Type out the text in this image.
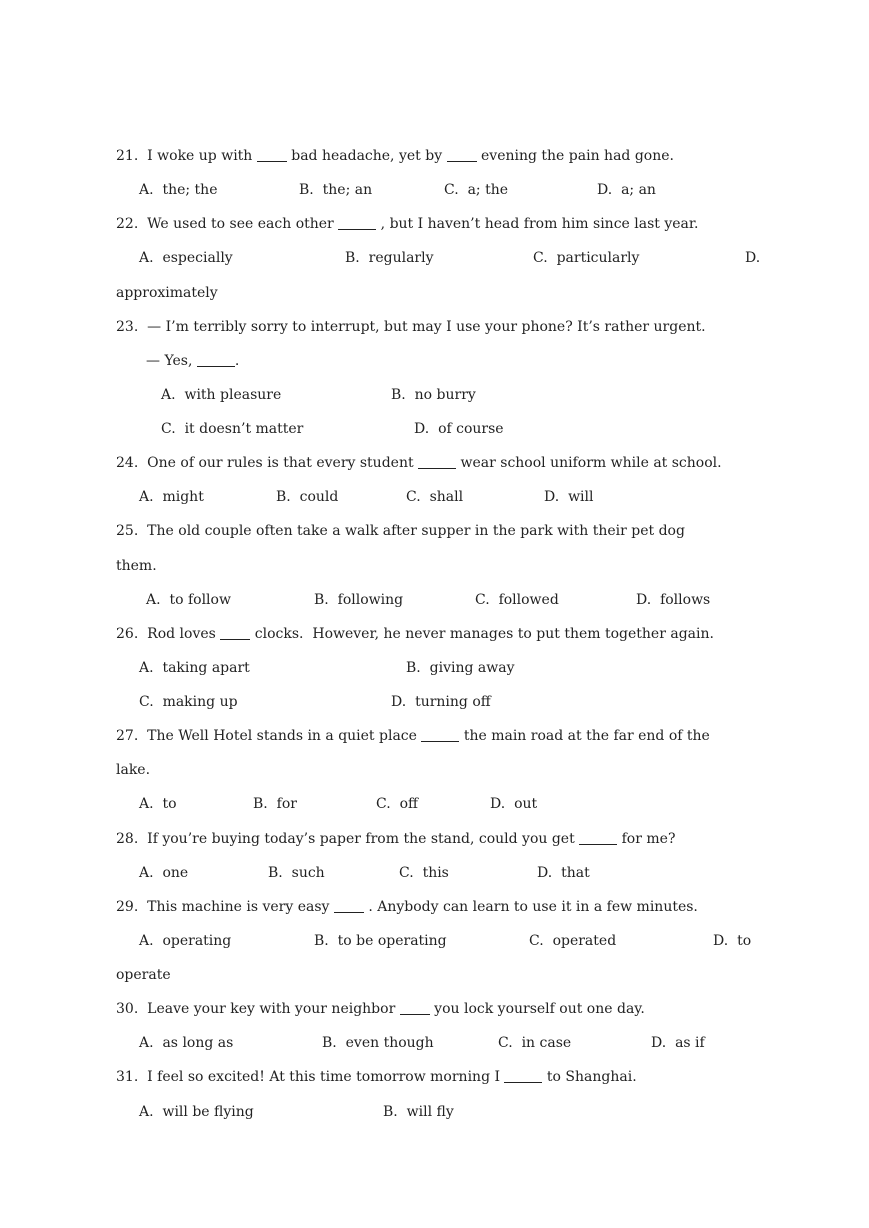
21. I woke up with	bad headache, yet by	evening the pain had gone.
A.  the; the	B.  the; an	C.  a; the	D.  a; an
22. We used to see each other	, but I haven’t head from him since last year.
A.  especially	B.  regularly	C.  particularly	D.
approximately
23. — I’m terribly sorry to interrupt, but may I use your phone? It’s rather urgent.
— Yes,	.
A.  with pleasure	B.  no burry
C.  it doesn’t matter	D.  of course
24. One of our rules is that every student	wear school uniform while at school.
A.  might	B.  could	C.  shall	D.  will
25. The old couple often take a walk after supper in the park with their pet dog
them.
A.  to follow	B.  following	C.  followed	D.  follows
26. Rod loves	clocks.  However, he never manages to put them together again.
A.  taking apart	B.  giving away
C.  making up	D.  turning off
27. The Well Hotel stands in a quiet place	the main road at the far end of the
lake.
A.  to	B.  for	C.  off	D.  out
28. If you’re buying today’s paper from the stand, could you get	for me?
A.  one	B.  such	C.  this	D.  that
29. This machine is very easy	. Anybody can learn to use it in a few minutes.
A.  operating	B.  to be operating	C.  operated	D.  to
operate
30. Leave your key with your neighbor	you lock yourself out one day.
A.  as long as	B.  even though	C.  in case	D.  as if
31. I feel so excited! At this time tomorrow morning I	to Shanghai.
A.  will be flying	B.  will fly
